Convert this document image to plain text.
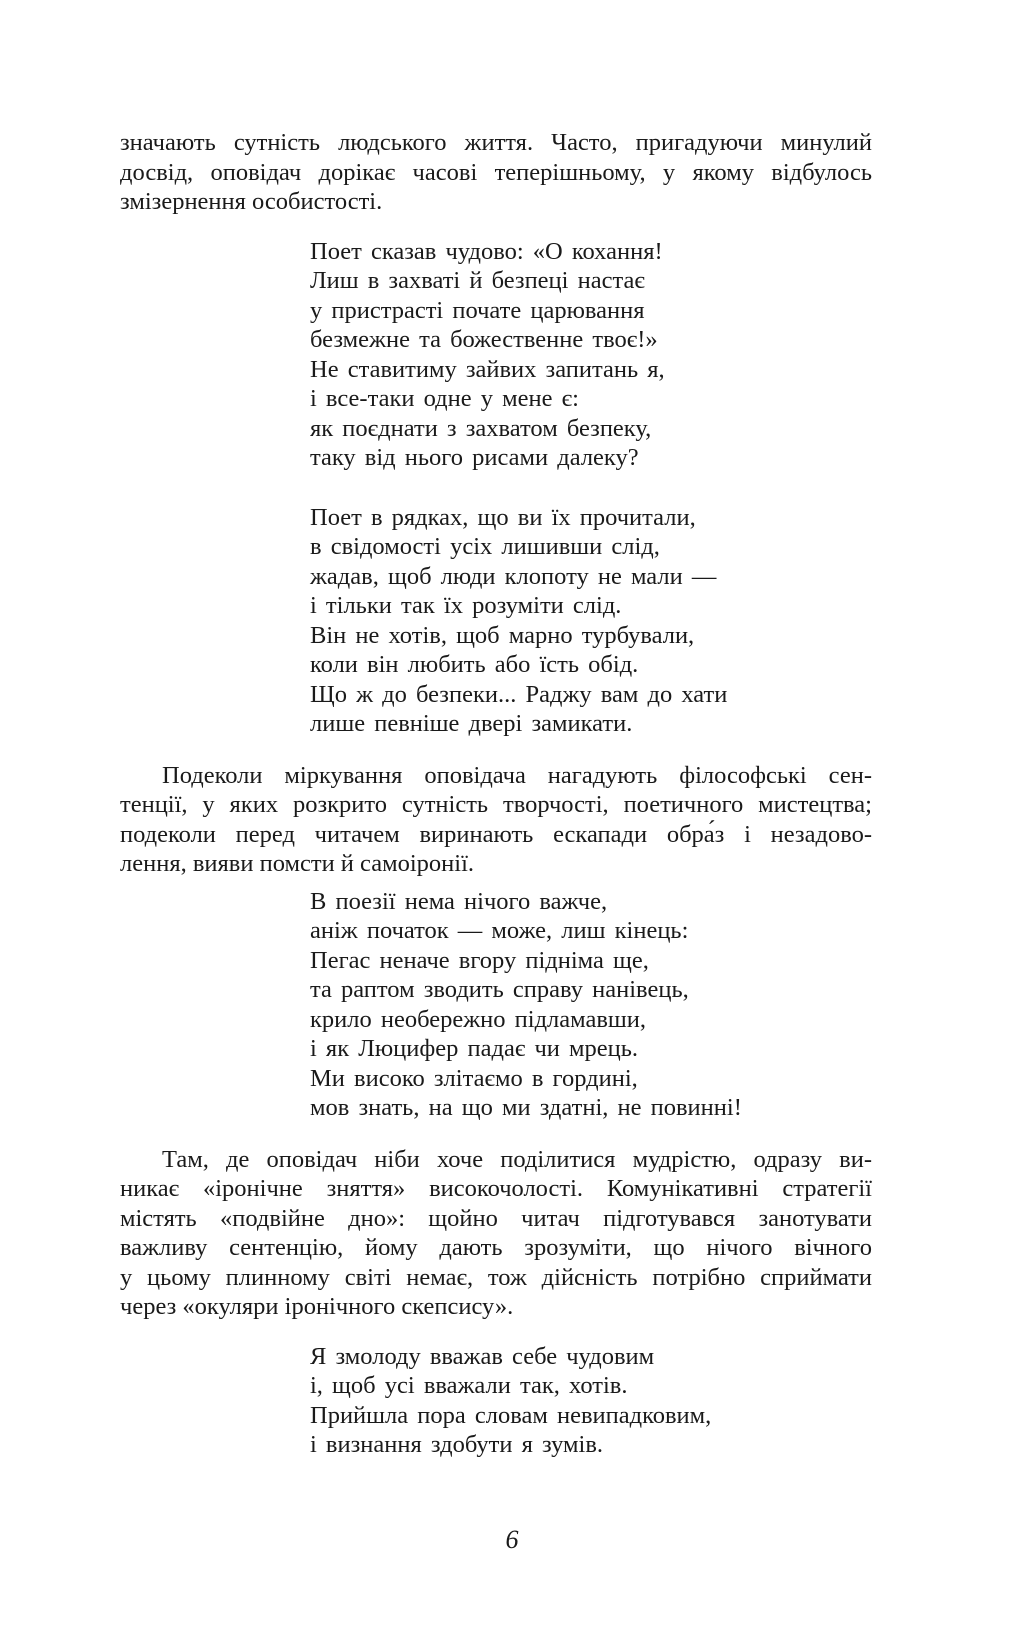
значають сутність людського життя. Часто, пригадуючи минулий
досвід, оповідач дорікає часові теперішньому, у якому відбулось
змізернення особистості.

Поет сказав чудово: «О кохання!
Лиш в захваті й безпеці настає
у пристрасті почате царювання
безмежне та божественне твоє!»
Не ставитиму зайвих запитань я,
і все-таки одне у мене є:
як поєднати з захватом безпеку,
таку від нього рисами далеку?
Поет в рядках, що ви їх прочитали,
в свідомості усіх лишивши слід,
жадав, щоб люди клопоту не мали —
і тільки так їх розуміти слід.
Він не хотів, щоб марно турбували,
коли він любить або їсть обід.
Що ж до безпеки... Раджу вам до хати
лише певніше двері замикати.

Подеколи міркування оповідача нагадують філософські сен-
тенції, у яких розкрито сутність творчості, поетичного мистецтва;
подеколи перед читачем виринають ескапади обра́з і незадово-
лення, вияви помсти й самоіронії.

В поезії нема нічого важче,
аніж початок — може, лиш кінець:
Пегас неначе вгору підніма ще,
та раптом зводить справу нанівець,
крило необережно підламавши,
і як Люцифер падає чи мрець.
Ми високо злітаємо в гордині,
мов знать, на що ми здатні, не повинні!

Там, де оповідач ніби хоче поділитися мудрістю, одразу ви-
никає «іронічне зняття» високочолості. Комунікативні стратегії
містять «подвійне дно»: щойно читач підготувався занотувати
важливу сентенцію, йому дають зрозуміти, що нічого вічного
у цьому плинному світі немає, тож дійсність потрібно сприймати
через «окуляри іронічного скепсису».

Я змолоду вважав себе чудовим
і, щоб усі вважали так, хотів.
Прийшла пора словам невипадковим,
і визнання здобути я зумів.
6
